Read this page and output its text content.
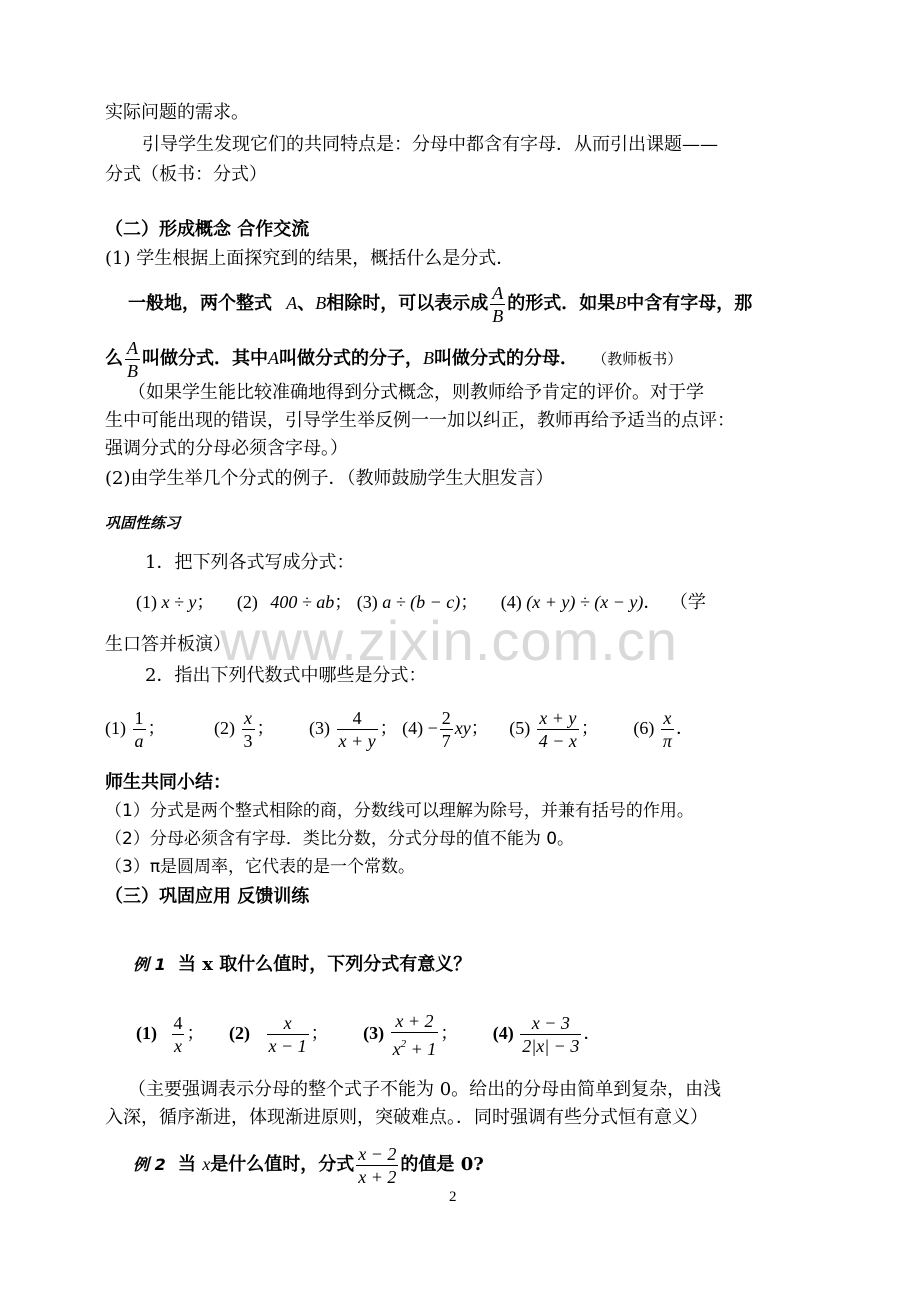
实际问题的需求。
引导学生发现它们的共同特点是：分母中都含有字母．从而引出课题——
分式（板书：分式）
（二）形成概念 合作交流
(1) 学生根据上面探究到的结果，概括什么是分式．
一般地，两个整式 A、B相除时，可以表示成 $\frac{A}{B}$ 的形式．如果B中含有字母，那
么 $\frac{A}{B}$ 叫做分式．其中A叫做分式的分子，B叫做分式的分母． （教师板书）
（如果学生能比较准确地得到分式概念，则教师给予肯定的评价。对于学
生中可能出现的错误，引导学生举反例一一加以纠正，教师再给予适当的点评：
强调分式的分母必须含字母。）
(2)由学生举几个分式的例子．（教师鼓励学生大胆发言）
巩固性练习
1．把下列各式写成分式：
(1) x ÷ y； (2) 400 ÷ ab； (3) a ÷ (b − c)； (4) (x + y) ÷ (x − y)． （学
生口答并板演）
2．指出下列代数式中哪些是分式：
$(1) \frac{1}{a}$ ；	$(2) \frac{x}{3}$ ； $(3) \frac{4}{x + y}$ ； $(4) - \frac{2}{7}$ xy； $(5) \frac{x + y}{4 - x}$ ； $(6) \frac{x}{\pi}$ ．
师生共同小结：
（1）分式是两个整式相除的商，分数线可以理解为除号，并兼有括号的作用。
（2）分母必须含有字母．类比分数，分式分母的值不能为 0。
（3）π是圆周率，它代表的是一个常数。
（三）巩固应用 反馈训练
例 1 当 x 取什么值时，下列分式有意义？
$(1) \frac{4}{x}$ ； $(2) \frac{x}{x - 1}$ ； $(3) \frac{x + 2}{x^2 + 1}$ ； $(4) \frac{x - 3}{2|x| - 3}$ ．
（主要强调表示分母的整个式子不能为 0。给出的分母由简单到复杂，由浅
入深，循序渐进，体现渐进原则，突破难点。．同时强调有些分式恒有意义）
例 2 当 x是什么值时，分式 $\frac{x - 2}{x + 2}$ 的值是 0?
www.zixin.com.cn
2
